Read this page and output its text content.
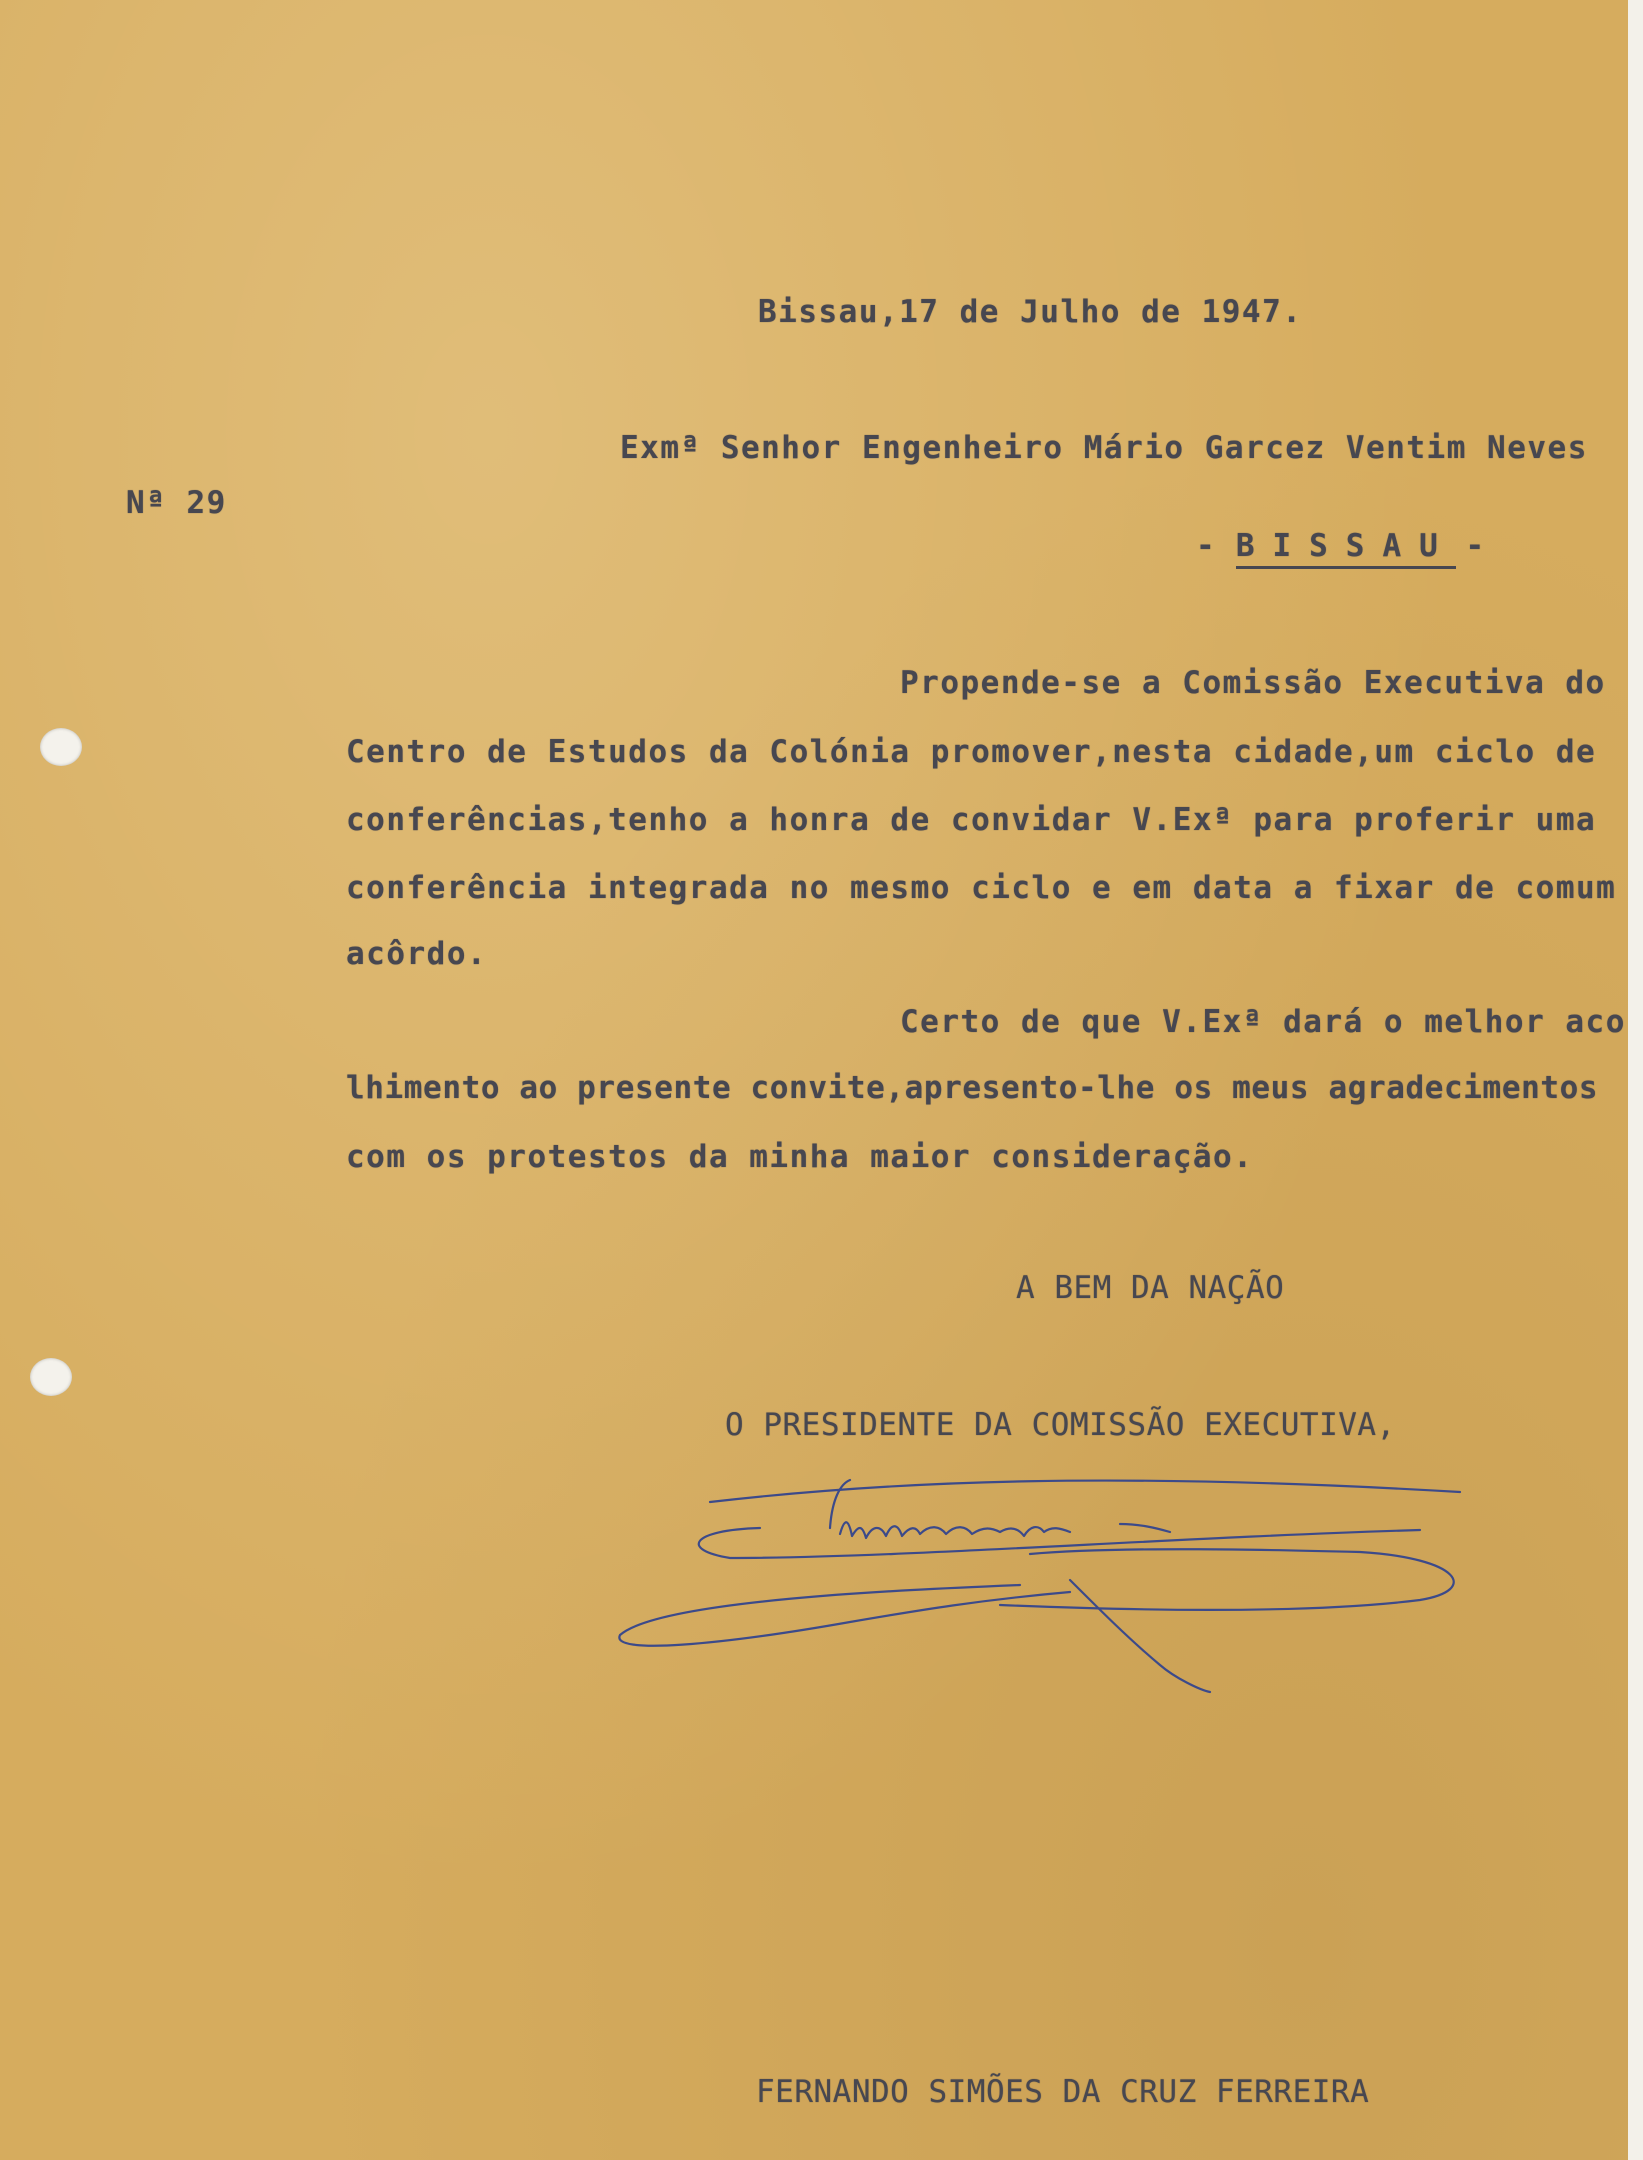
Bissau,17 de Julho de 1947.
Exmª Senhor Engenheiro Mário Garcez Ventim Neves
Nª 29
- BISSAU -
Propende-se a Comissão Executiva do
Centro de Estudos da Colónia promover,nesta cidade,um ciclo de
conferências,tenho a honra de convidar V.Exª para proferir uma
conferência integrada no mesmo ciclo e em data a fixar de comum
acôrdo.
Certo de que V.Exª dará o melhor aco
lhimento ao presente convite,apresento-lhe os meus agradecimentos
com os protestos da minha maior consideração.
A BEM DA NAÇÃO
O PRESIDENTE DA COMISSÃO EXECUTIVA,
FERNANDO SIMÕES DA CRUZ FERREIRA
